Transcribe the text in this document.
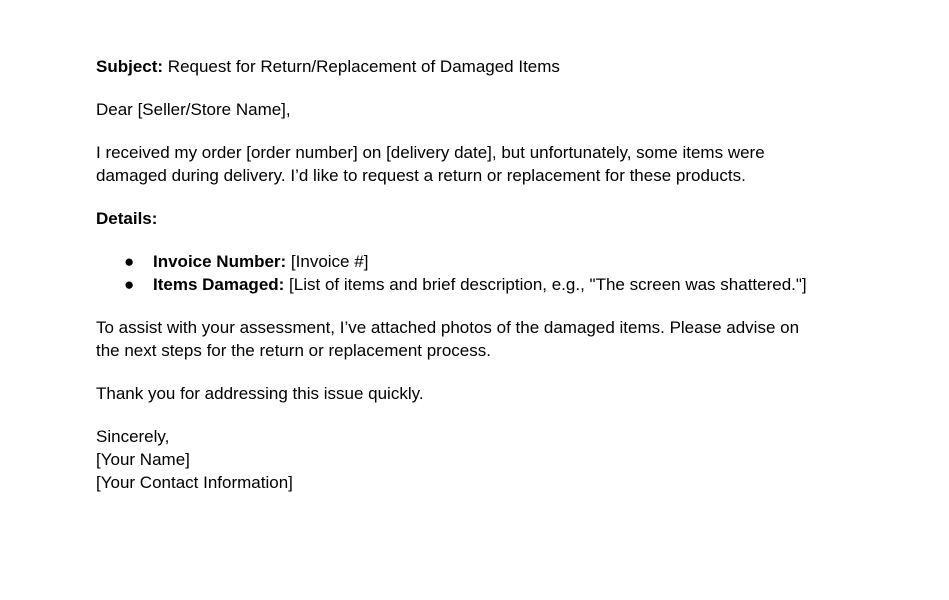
Subject: Request for Return/Replacement of Damaged Items

Dear [Seller/Store Name],

I received my order [order number] on [delivery date], but unfortunately, some items were
damaged during delivery. I’d like to request a return or replacement for these products.

Details:

● Invoice Number: [Invoice #]
● Items Damaged: [List of items and brief description, e.g., "The screen was shattered."]

To assist with your assessment, I’ve attached photos of the damaged items. Please advise on
the next steps for the return or replacement process.

Thank you for addressing this issue quickly.

Sincerely,
[Your Name]
[Your Contact Information]
